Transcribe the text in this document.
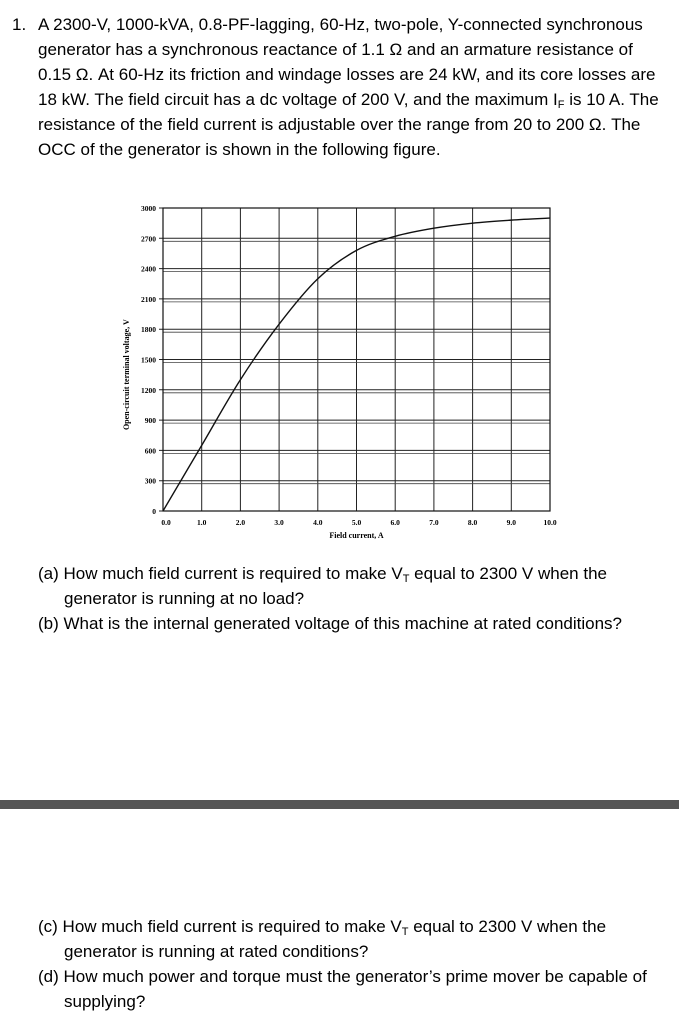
1. A 2300-V, 1000-kVA, 0.8-PF-lagging, 60-Hz, two-pole, Y-connected synchronous generator has a synchronous reactance of 1.1 Ω and an armature resistance of 0.15 Ω. At 60-Hz its friction and windage losses are 24 kW, and its core losses are 18 kW. The field circuit has a dc voltage of 200 V, and the maximum $I_F$ is 10 A. The resistance of the field current is adjustable over the range from 20 to 200 Ω. The OCC of the generator is shown in the following figure.
0.0	1.0	2.0	3.0	4.0	5.0	6.0	7.0	8.0	9.0	10.0
0
300
600
900
1200
1500
1800
2100
2400
2700
3000
Field current, A
Open-circuit terminal voltage, V
(a) How much field current is required to make $V_T$ equal to 2300 V when the generator is running at no load?
(b) What is the internal generated voltage of this machine at rated conditions?
(c) How much field current is required to make $V_T$ equal to 2300 V when the generator is running at rated conditions?
(d) How much power and torque must the generator’s prime mover be capable of supplying?
